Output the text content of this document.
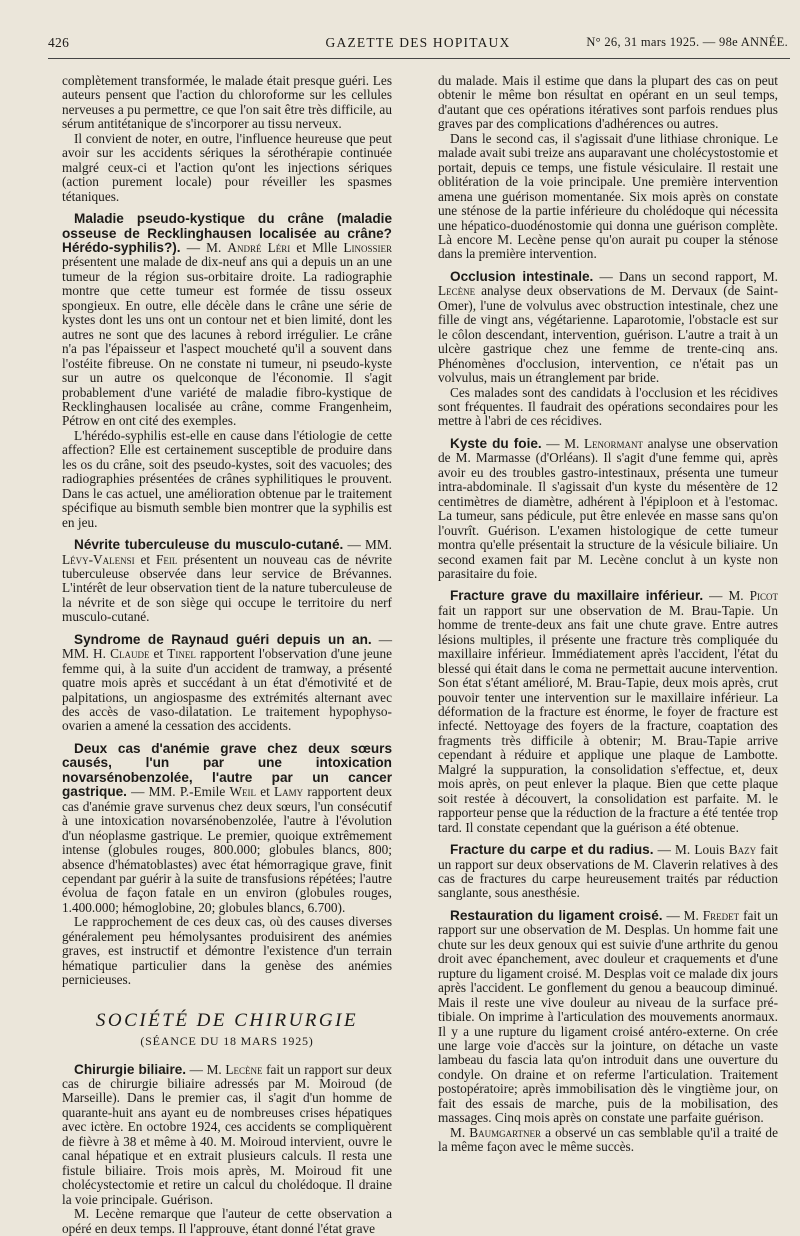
426	GAZETTE DES HOPITAUX	N° 26, 31 mars 1925. — 98e ANNÉE.

complètement transformée, le malade était presque guéri. Les auteurs pensent que l'action du chloroforme sur les cellules nerveuses a pu permettre, ce que l'on sait être très difficile, au sérum antitétanique de s'incorporer au tissu nerveux.

Il convient de noter, en outre, l'influence heureuse que peut avoir sur les accidents sériques la sérothérapie continuée malgré ceux-ci et l'action qu'ont les injections sériques (action purement locale) pour réveiller les spasmes tétaniques.

Maladie pseudo-kystique du crâne (maladie osseuse de Recklinghausen localisée au crâne? Hérédo-syphilis?). — M. André Léri et Mlle Linossier présentent une malade de dix-neuf ans qui a depuis un an une tumeur de la région sus-orbitaire droite. La radiographie montre que cette tumeur est formée de tissu osseux spongieux. En outre, elle décèle dans le crâne une série de kystes dont les uns ont un contour net et bien limité, dont les autres ne sont que des lacunes à rebord irrégulier. Le crâne n'a pas l'épaisseur et l'aspect moucheté qu'il a souvent dans l'ostéite fibreuse. On ne constate ni tumeur, ni pseudo-kyste sur un autre os quelconque de l'économie. Il s'agit probablement d'une variété de maladie fibro-kystique de Recklinghausen localisée au crâne, comme Frangenheim, Pétrow en ont cité des exemples.

L'hérédo-syphilis est-elle en cause dans l'étiologie de cette affection? Elle est certainement susceptible de produire dans les os du crâne, soit des pseudo-kystes, soit des vacuoles; des radiographies présentées de crânes syphilitiques le prouvent. Dans le cas actuel, une amélioration obtenue par le traitement spécifique au bismuth semble bien montrer que la syphilis est en jeu.

Névrite tuberculeuse du musculo-cutané. — MM. Lévy-Valensi et Feil présentent un nouveau cas de névrite tuberculeuse observée dans leur service de Brévannes. L'intérêt de leur observation tient de la nature tuberculeuse de la névrite et de son siège qui occupe le territoire du nerf musculo-cutané.

Syndrome de Raynaud guéri depuis un an. — MM. H. Claude et Tinel rapportent l'observation d'une jeune femme qui, à la suite d'un accident de tramway, a présenté quatre mois après et succédant à un état d'émotivité et de palpitations, un angiospasme des extrémités alternant avec des accès de vaso-dilatation. Le traitement hypophyso-ovarien a amené la cessation des accidents.

Deux cas d'anémie grave chez deux sœurs causés, l'un par une intoxication novarsénobenzolée, l'autre par un cancer gastrique. — MM. P.-Emile Weil et Lamy rapportent deux cas d'anémie grave survenus chez deux sœurs, l'un consécutif à une intoxication novarsénobenzolée, l'autre à l'évolution d'un néoplasme gastrique. Le premier, quoique extrêmement intense (globules rouges, 800.000; globules blancs, 800; absence d'hématoblastes) avec état hémorragique grave, finit cependant par guérir à la suite de transfusions répétées; l'autre évolua de façon fatale en un environ (globules rouges, 1.400.000; hémoglobine, 20; globules blancs, 6.700).

Le rapprochement de ces deux cas, où des causes diverses généralement peu hémolysantes produisirent des anémies graves, est instructif et démontre l'existence d'un terrain hématique particulier dans la genèse des anémies pernicieuses.

SOCIÉTÉ DE CHIRURGIE
(SÉANCE DU 18 MARS 1925)

Chirurgie biliaire. — M. Lecène fait un rapport sur deux cas de chirurgie biliaire adressés par M. Moiroud (de Marseille). Dans le premier cas, il s'agit d'un homme de quarante-huit ans ayant eu de nombreuses crises hépatiques avec ictère. En octobre 1924, ces accidents se compliquèrent de fièvre à 38 et même à 40. M. Moiroud intervient, ouvre le canal hépatique et en extrait plusieurs calculs. Il resta une fistule biliaire. Trois mois après, M. Moiroud fit une cholécystectomie et retire un calcul du cholédoque. Il draine la voie principale. Guérison.

M. Lecène remarque que l'auteur de cette observation a opéré en deux temps. Il l'approuve, étant donné l'état grave

du malade. Mais il estime que dans la plupart des cas on peut obtenir le même bon résultat en opérant en un seul temps, d'autant que ces opérations itératives sont parfois rendues plus graves par des complications d'adhérences ou autres.

Dans le second cas, il s'agissait d'une lithiase chronique. Le malade avait subi treize ans auparavant une cholécystostomie et portait, depuis ce temps, une fistule vésiculaire. Il restait une oblitération de la voie principale. Une première intervention amena une guérison momentanée. Six mois après on constate une sténose de la partie inférieure du cholédoque qui nécessita une hépatico-duodénostomie qui donna une guérison complète. Là encore M. Lecène pense qu'on aurait pu couper la sténose dans la première intervention.

Occlusion intestinale. — Dans un second rapport, M. Lecène analyse deux observations de M. Dervaux (de Saint-Omer), l'une de volvulus avec obstruction intestinale, chez une fille de vingt ans, végétarienne. Laparotomie, l'obstacle est sur le côlon descendant, intervention, guérison. L'autre a trait à un ulcère gastrique chez une femme de trente-cinq ans. Phénomènes d'occlusion, intervention, ce n'était pas un volvulus, mais un étranglement par bride.

Ces malades sont des candidats à l'occlusion et les récidives sont fréquentes. Il faudrait des opérations secondaires pour les mettre à l'abri de ces récidives.

Kyste du foie. — M. Lenormant analyse une observation de M. Marmasse (d'Orléans). Il s'agit d'une femme qui, après avoir eu des troubles gastro-intestinaux, présenta une tumeur intra-abdominale. Il s'agissait d'un kyste du mésentère de 12 centimètres de diamètre, adhérent à l'épiploon et à l'estomac. La tumeur, sans pédicule, put être enlevée en masse sans qu'on l'ouvrît. Guérison. L'examen histologique de cette tumeur montra qu'elle présentait la structure de la vésicule biliaire. Un second examen fait par M. Lecène conclut à un kyste non parasitaire du foie.

Fracture grave du maxillaire inférieur. — M. Picot fait un rapport sur une observation de M. Brau-Tapie. Un homme de trente-deux ans fait une chute grave. Entre autres lésions multiples, il présente une fracture très compliquée du maxillaire inférieur. Immédiatement après l'accident, l'état du blessé qui était dans le coma ne permettait aucune intervention. Son état s'étant amélioré, M. Brau-Tapie, deux mois après, crut pouvoir tenter une intervention sur le maxillaire inférieur. La déformation de la fracture est énorme, le foyer de fracture est infecté. Nettoyage des foyers de la fracture, coaptation des fragments très difficile à obtenir; M. Brau-Tapie arrive cependant à réduire et applique une plaque de Lambotte. Malgré la suppuration, la consolidation s'effectue, et, deux mois après, on peut enlever la plaque. Bien que cette plaque soit restée à découvert, la consolidation est parfaite. M. le rapporteur pense que la réduction de la fracture a été tentée trop tard. Il constate cependant que la guérison a été obtenue.

Fracture du carpe et du radius. — M. Louis Bazy fait un rapport sur deux observations de M. Claverin relatives à des cas de fractures du carpe heureusement traités par réduction sanglante, sous anesthésie.

Restauration du ligament croisé. — M. Fredet fait un rapport sur une observation de M. Desplas. Un homme fait une chute sur les deux genoux qui est suivie d'une arthrite du genou droit avec épanchement, avec douleur et craquements et d'une rupture du ligament croisé. M. Desplas voit ce malade dix jours après l'accident. Le gonflement du genou a beaucoup diminué. Mais il reste une vive douleur au niveau de la surface pré-tibiale. On imprime à l'articulation des mouvements anormaux. Il y a une rupture du ligament croisé antéro-externe. On crée une large voie d'accès sur la jointure, on détache un vaste lambeau du fascia lata qu'on introduit dans une ouverture du condyle. On draine et on referme l'articulation. Traitement postopératoire; après immobilisation dès le vingtième jour, on fait des essais de marche, puis de la mobilisation, des massages. Cinq mois après on constate une parfaite guérison.

M. Baumgartner a observé un cas semblable qu'il a traité de la même façon avec le même succès.
